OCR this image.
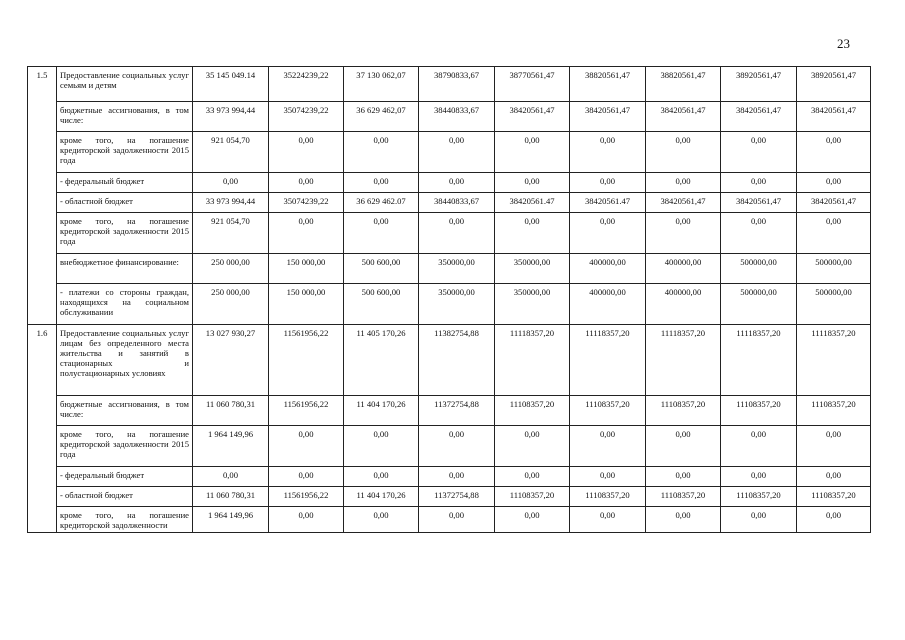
23
1.5	Предоставление социальных услуг семьям и детям	35 145 049.14	35224239,22	37 130 062,07	38790833,67	38770561,47	38820561,47	38820561,47	38920561,47	38920561,47
	бюджетные ассигнования, в том числе:	33 973 994,44	35074239,22	36 629 462,07	38440833,67	38420561,47	38420561,47	38420561,47	38420561,47	38420561,47
	кроме того, на погашение кредиторской задолженности 2015 года	921 054,70	0,00	0,00	0,00	0,00	0,00	0,00	0,00	0,00
	- федеральный бюджет	0,00	0,00	0,00	0,00	0,00	0,00	0,00	0,00	0,00
	- областной бюджет	33 973 994,44	35074239,22	36 629 462.07	38440833,67	38420561.47	38420561.47	38420561,47	38420561,47	38420561,47
	кроме того, на погашение кредиторской задолженности 2015 года	921 054,70	0,00	0,00	0,00	0,00	0,00	0,00	0,00	0,00
	внебюджетное финансирование:	250 000,00	150 000,00	500 600,00	350000,00	350000,00	400000,00	400000,00	500000,00	500000,00
	- платежи со стороны граждан, находящихся на социальном обслуживании	250 000,00	150 000,00	500 600,00	350000,00	350000,00	400000,00	400000,00	500000,00	500000,00
1.6	Предоставление социальных услуг лицам без определенного места жительства и занятий в стационарных и полустационарных условиях	13 027 930,27	11561956,22	11 405 170,26	11382754,88	11118357,20	11118357,20	11118357,20	11118357,20	11118357,20
	бюджетные ассигнования, в том числе:	11 060 780,31	11561956,22	11 404 170,26	11372754,88	11108357,20	11108357,20	11108357,20	11108357,20	11108357,20
	кроме того, на погашение кредиторской задолженности 2015 года	1 964 149,96	0,00	0,00	0,00	0,00	0,00	0,00	0,00	0,00
	- федеральный бюджет	0,00	0,00	0,00	0,00	0,00	0,00	0,00	0,00	0,00
	- областной бюджет	11 060 780,31	11561956,22	11 404 170,26	11372754,88	11108357,20	11108357,20	11108357,20	11108357,20	11108357,20
	кроме того, на погашение кредиторской задолженности	1 964 149,96	0,00	0,00	0,00	0,00	0,00	0,00	0,00	0,00
